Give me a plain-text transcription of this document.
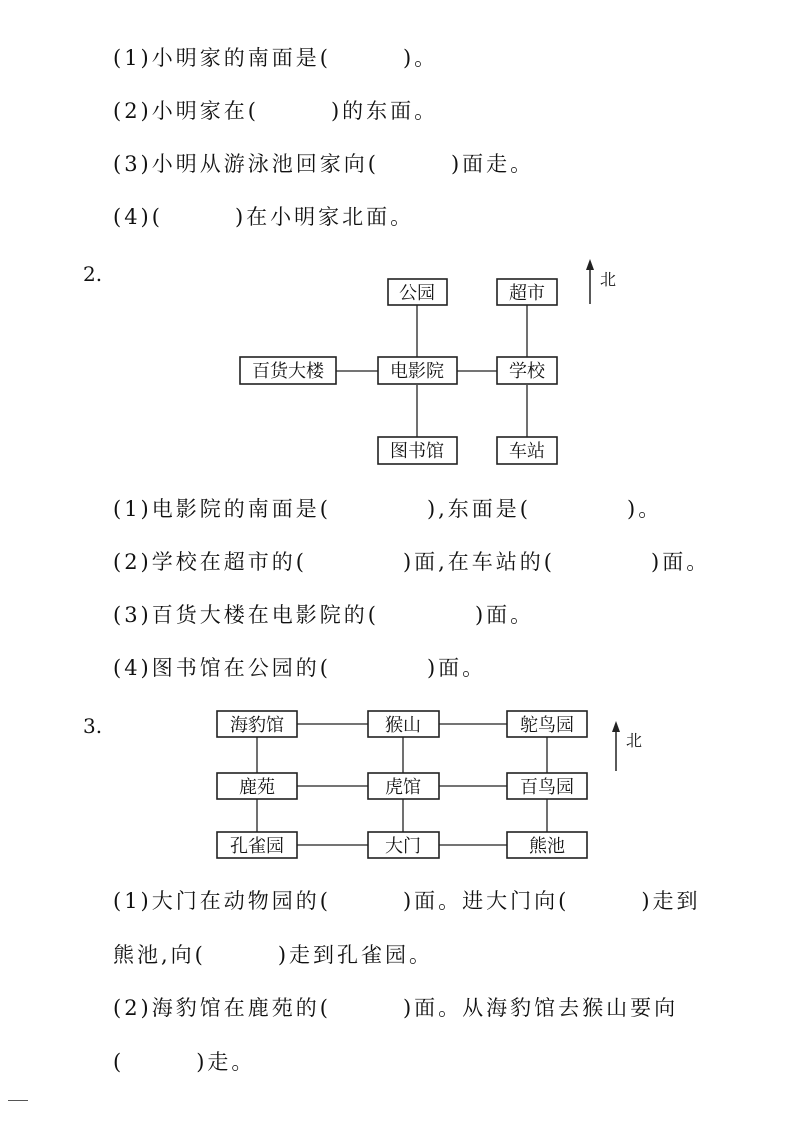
(1)小明家的南面是(　　　)。
(2)小明家在(　　　)的东面。
(3)小明从游泳池回家向(　　　)面走。
(4)(　　　)在小明家北面。
2.
公园	超市
百货大楼	电影院	学校
图书馆	车站
北
(1)电影院的南面是(　　　　),东面是(　　　　)。
(2)学校在超市的(　　　　)面,在车站的(　　　　)面。
(3)百货大楼在电影院的(　　　　)面。
(4)图书馆在公园的(　　　　)面。
3.	海豹馆	猴山	鸵鸟园
鹿苑	虎馆	百鸟园
孔雀园	大门	熊池
北
(1)大门在动物园的(　　　)面。进大门向(　　　)走到
熊池,向(　　　)走到孔雀园。
(2)海豹馆在鹿苑的(　　　)面。从海豹馆去猴山要向
(　　　)走。
